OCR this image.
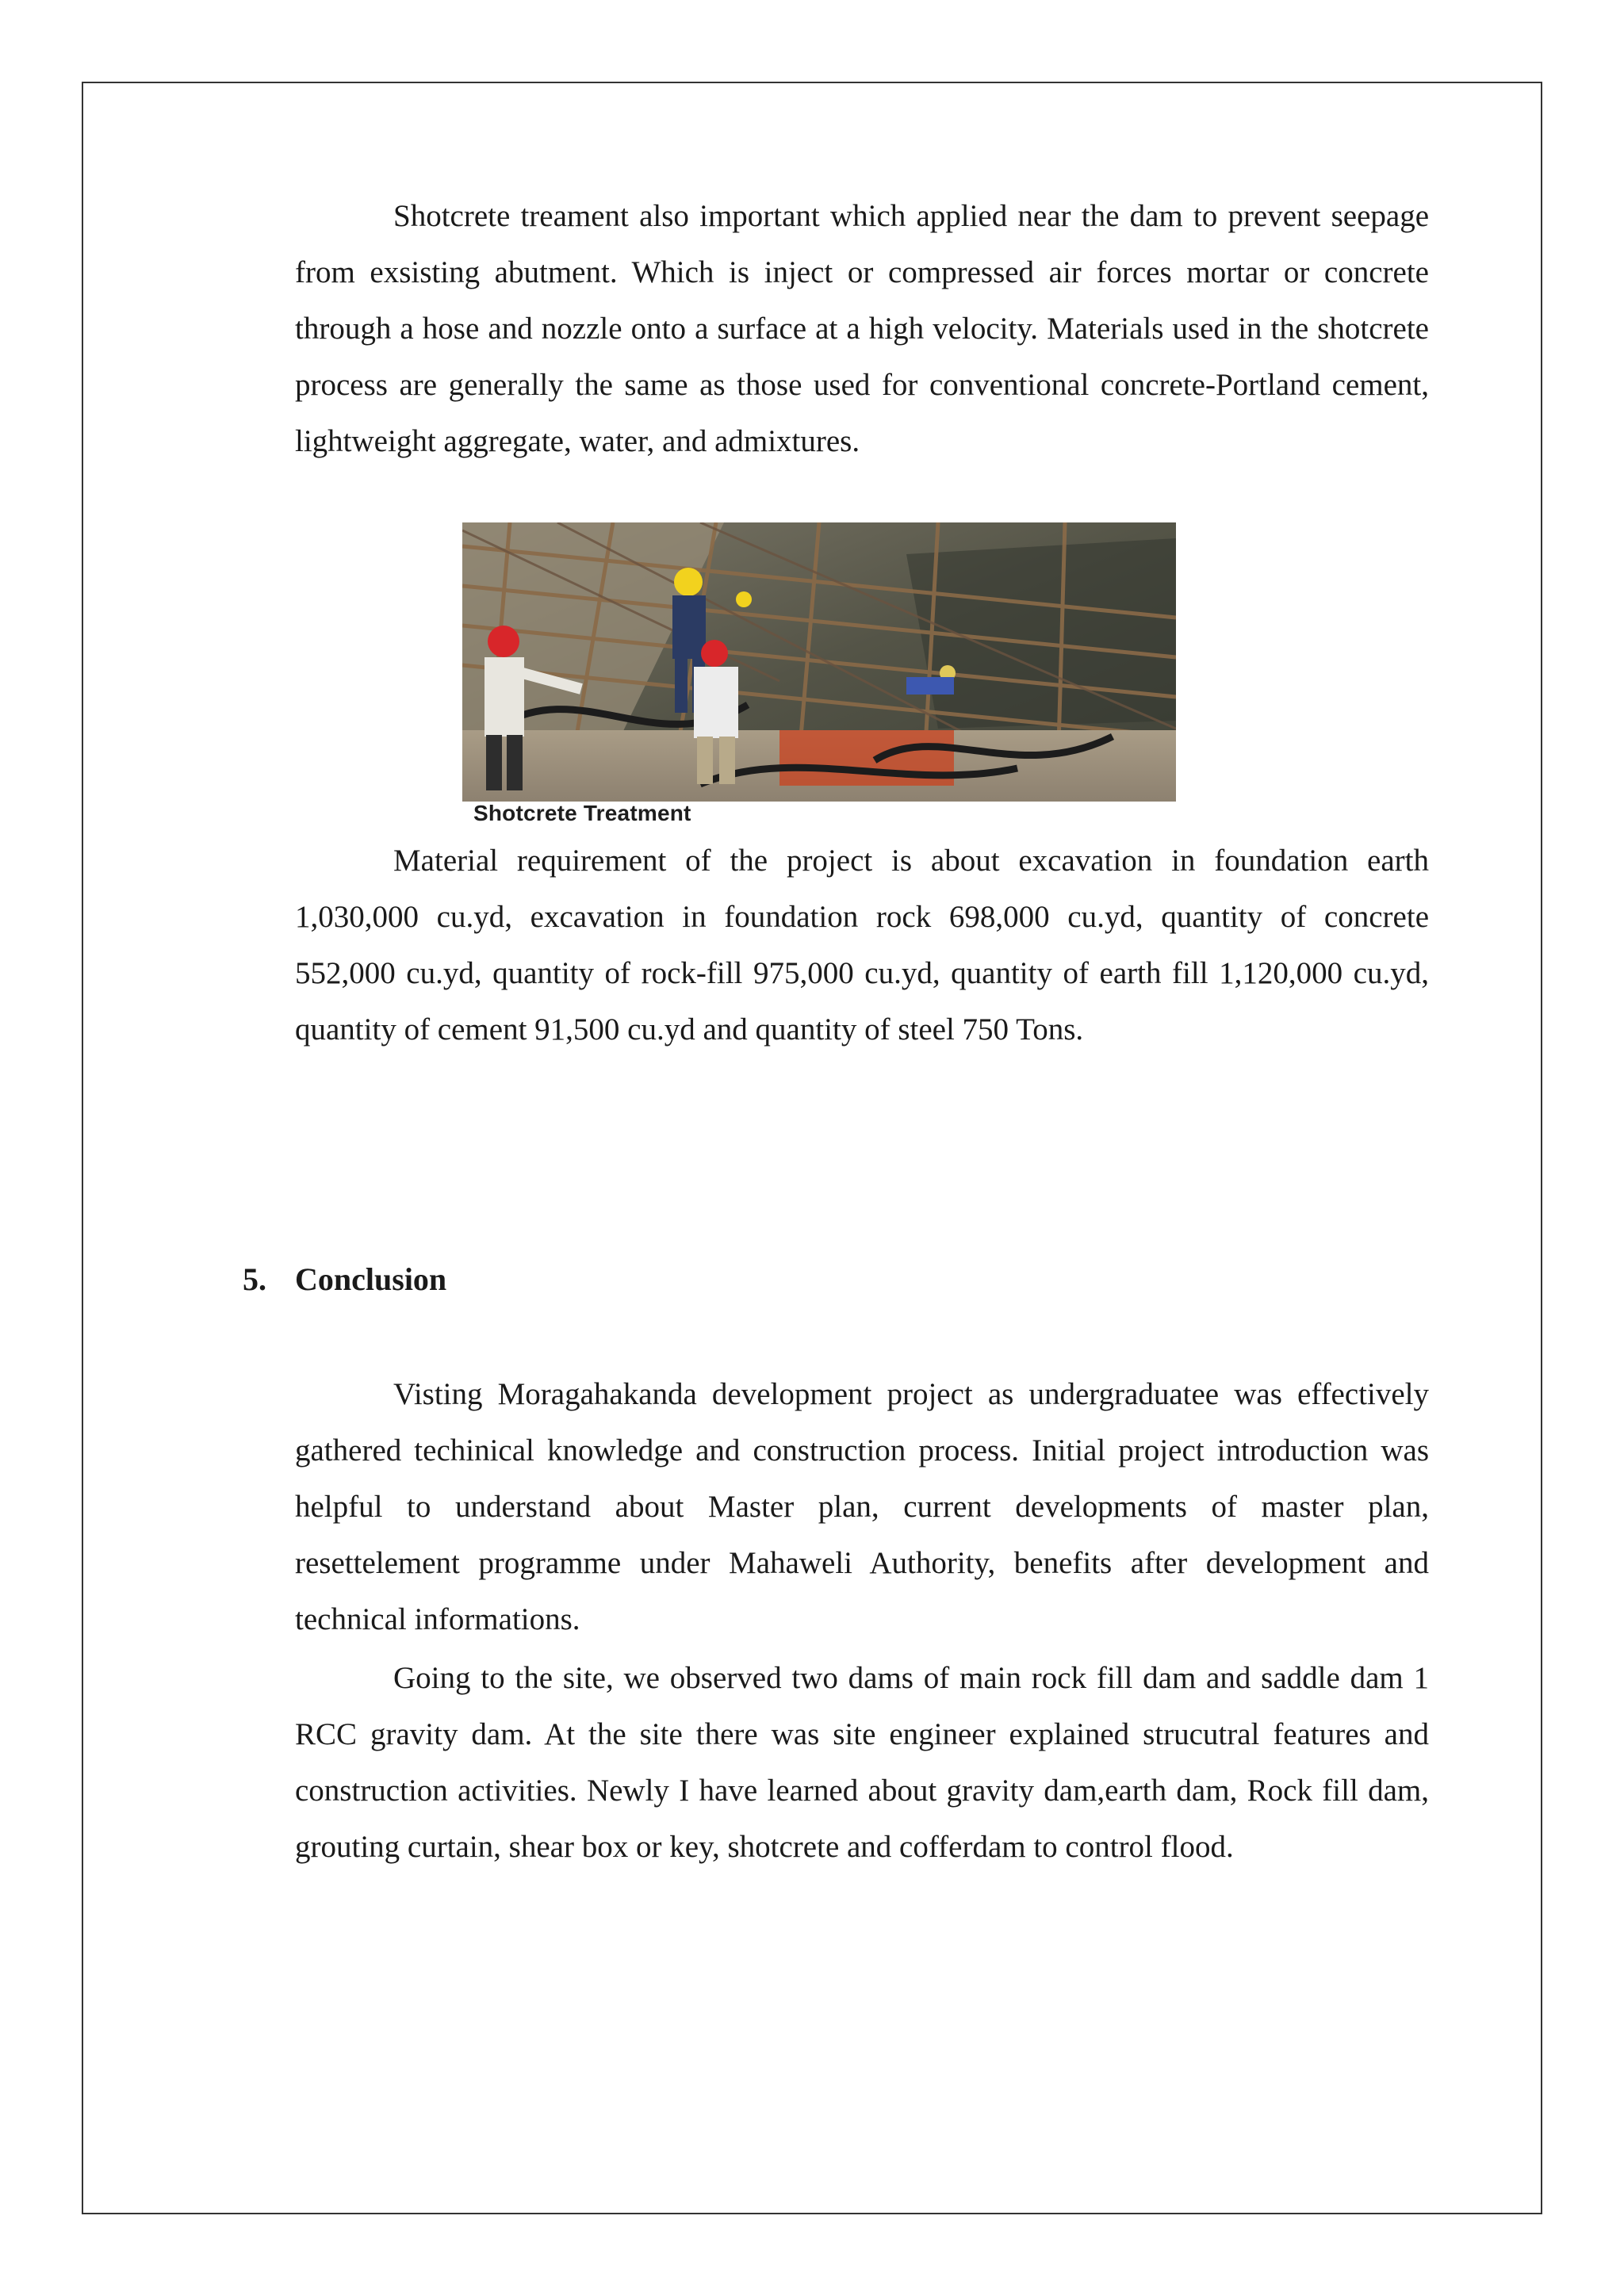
Shotcrete treament also important which applied near the dam to prevent seepage from exsisting abutment. Which is inject or compressed air forces mortar or concrete through a hose and nozzle onto a surface at a high velocity. Materials used in the shotcrete process are generally the same as those used for conventional concrete-Portland cement, lightweight aggregate, water, and admixtures.

Shotcrete Treatment

Material requirement of the project is about excavation in foundation earth 1,030,000 cu.yd, excavation in foundation rock 698,000 cu.yd, quantity of concrete 552,000 cu.yd, quantity of rock-fill 975,000 cu.yd, quantity of earth fill 1,120,000 cu.yd, quantity of cement 91,500 cu.yd and quantity of steel 750 Tons.

5. Conclusion

Visting Moragahakanda development project as undergraduatee was effectively gathered techinical knowledge and construction process. Initial project introduction was helpful to understand about Master plan, current developments of master plan, resettelement programme under Mahaweli Authority, benefits after development and technical informations.

Going to the site, we observed two dams of main rock fill dam and saddle dam 1 RCC gravity dam. At the site there was site engineer explained strucutral features and construction activities. Newly I have learned about gravity dam,earth dam, Rock fill dam, grouting curtain, shear box or key, shotcrete and cofferdam to control flood.
